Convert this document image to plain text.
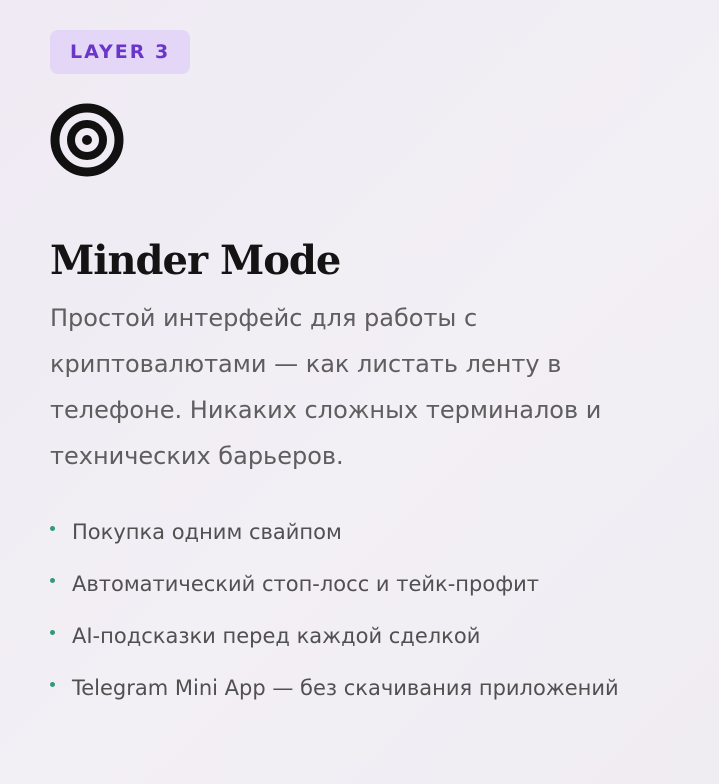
LAYER 3
Minder Mode

Простой интерфейс для работы с криптовалютами — как листать ленту в телефоне. Никаких сложных терминалов и технических барьеров.

Покупка одним свайпом
Автоматический стоп-лосс и тейк-профит
AI-подсказки перед каждой сделкой
Telegram Mini App — без скачивания приложений
